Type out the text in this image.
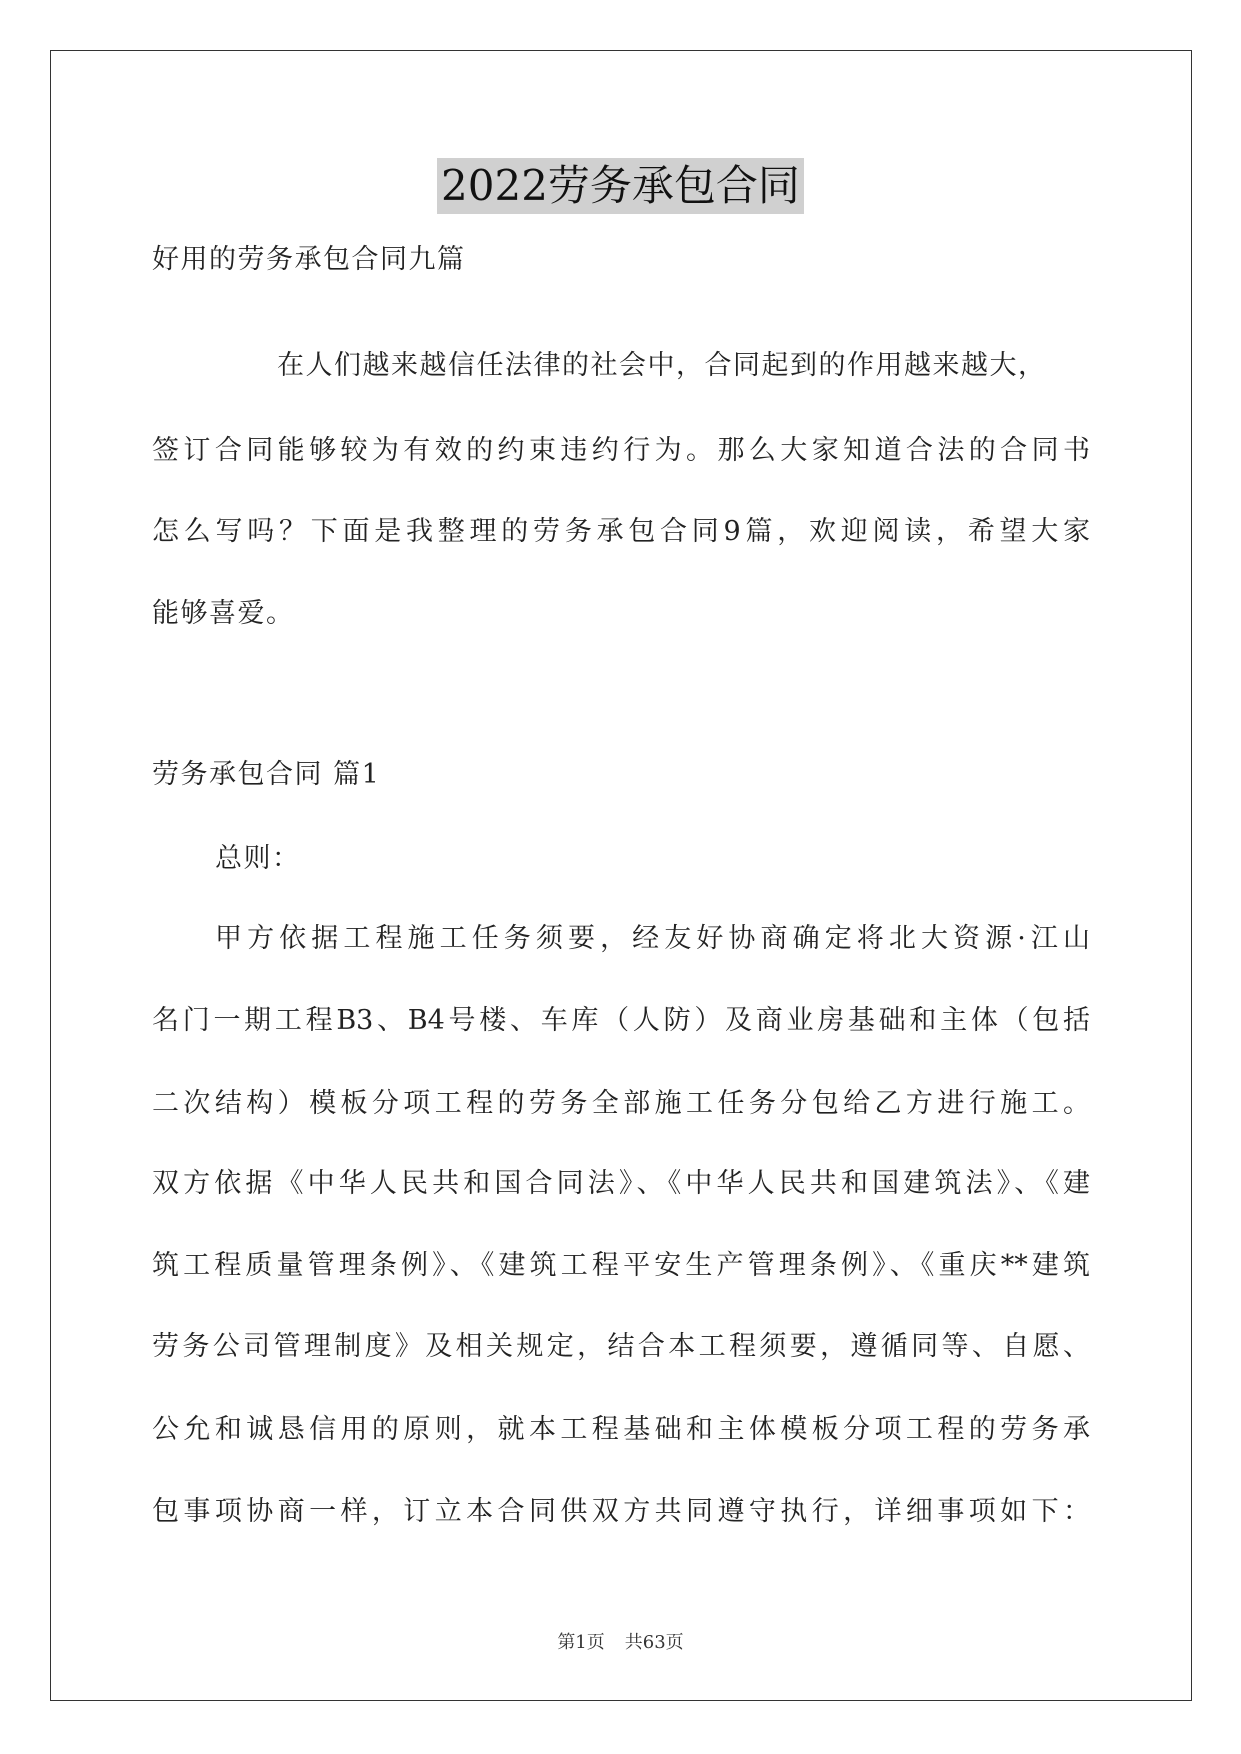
2022劳务承包合同
好用的劳务承包合同九篇
在人们越来越信任法律的社会中，合同起到的作用越来越大，
签订合同能够较为有效的约束违约行为。那么大家知道合法的合同书
怎么写吗？下面是我整理的劳务承包合同9篇，欢迎阅读，希望大家
能够喜爱。
劳务承包合同 篇1
总则：
甲方依据工程施工任务须要，经友好协商确定将北大资源·江山
名门一期工程B3、B4号楼、车库（人防）及商业房基础和主体（包括
二次结构）模板分项工程的劳务全部施工任务分包给乙方进行施工。
双方依据《中华人民共和国合同法》、《中华人民共和国建筑法》、《建
筑工程质量管理条例》、《建筑工程平安生产管理条例》、《重庆**建筑
劳务公司管理制度》及相关规定，结合本工程须要，遵循同等、自愿、
公允和诚恳信用的原则，就本工程基础和主体模板分项工程的劳务承
包事项协商一样，订立本合同供双方共同遵守执行，详细事项如下：
第1页 共63页
